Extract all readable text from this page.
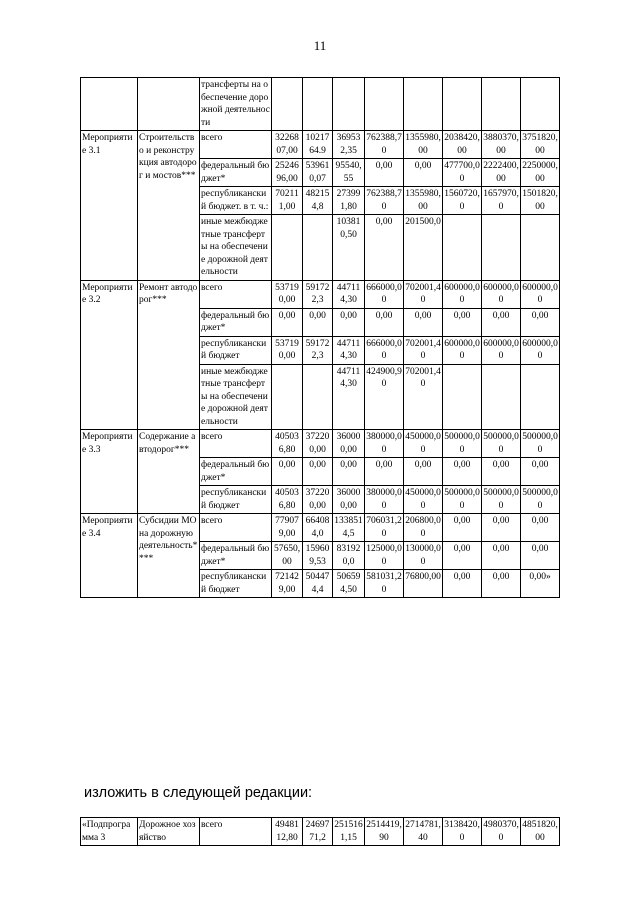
11
		трансферты на обеспечение дорожной деятельности								
Мероприятие 3.1	Строительство и реконструкция автодорог и мостов***	всего	3226807,00	1021764.9	369532,35	762388,70	1355980,00	2038420,00	3880370,00	3751820,00
		федеральный бюджет*	2524696,00	539610,07	95540,55	0,00	0,00	477700,00	2222400,00	2250000,00
		республиканский бюджет. в т. ч.:	702111,00	482154,8	273991,80	762388,70	1355980,00	1560720,0	1657970,0	1501820,00
		иные межбюджетные трансферты на обеспечение дорожной деятельности			103810,50	0,00	201500,0			
Мероприятие 3.2	Ремонт автодорог***	всего	537190,00	591722,3	447114,30	666000,00	702001,40	600000,00	600000,00	600000,00
		федеральный бюджет*	0,00	0,00	0,00	0,00	0,00	0,00	0,00	0,00
		республиканский бюджет	537190,00	591722,3	447114,30	666000,00	702001,40	600000,00	600000,00	600000,00
		иные межбюджетные трансферты на обеспечение дорожной деятельности			447114,30	424900,90	702001,40			
Мероприятие 3.3	Содержание автодорог***	всего	405036,80	372200,00	360000,00	380000,00	450000,00	500000,00	500000,00	500000,00
		федеральный бюджет*	0,00	0,00	0,00	0,00	0,00	0,00	0,00	0,00
		республиканский бюджет	405036,80	372200,00	360000,00	380000,00	450000,00	500000,00	500000,00	500000,00
Мероприятие 3.4	Субсидии МО на дорожную деятельность****	всего	779079,00	664084,0	1338514,5	706031,20	206800,00	0,00	0,00	0,00
		федеральный бюджет*	57650,00	159609,53	831920,0	125000,00	130000,00	0,00	0,00	0,00
		республиканский бюджет	721429,00	504474,4	506594,50	581031,20	76800,00	0,00	0,00	0,00»
изложить в следующей редакции:
«Подпрограмма 3	Дорожное хозяйство	всего	4948112,80	2469771,2	2515161,15	2514419,90	2714781,40	3138420,0	4980370,0	4851820,00
